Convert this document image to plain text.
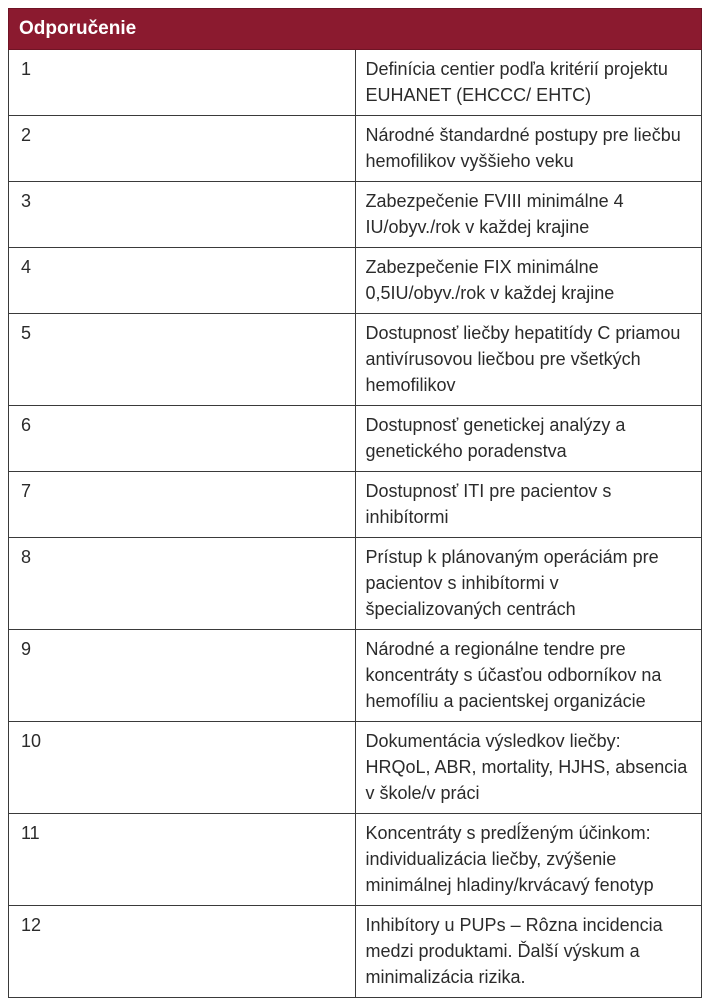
Odporučenie	
1	Definícia centier podľa kritérií projektu EUHANET (EHCCC/ EHTC)
2	Národné štandardné postupy pre liečbu hemofilikov vyššieho veku
3	Zabezpečenie FVIII minimálne 4 IU/obyv./rok v každej krajine
4	Zabezpečenie FIX minimálne 0,5IU/obyv./rok v každej krajine
5	Dostupnosť liečby hepatitídy C priamou antivírusovou liečbou pre všetkých hemofilikov
6	Dostupnosť genetickej analýzy a genetického poradenstva
7	Dostupnosť ITI pre pacientov s inhibítormi
8	Prístup k plánovaným operáciám pre pacientov s inhibítormi v špecializovaných centrách
9	Národné a regionálne tendre pre koncentráty s účasťou odborníkov na hemofíliu a pacientskej organizácie
10	Dokumentácia výsledkov liečby: HRQoL, ABR, mortality, HJHS, absencia v škole/v práci
11	Koncentráty s predĺženým účinkom: individualizácia liečby, zvýšenie minimálnej hladiny/krvácavý fenotyp
12	Inhibítory u PUPs – Rôzna incidencia medzi produktami. Ďalší výskum a minimalizácia rizika.
